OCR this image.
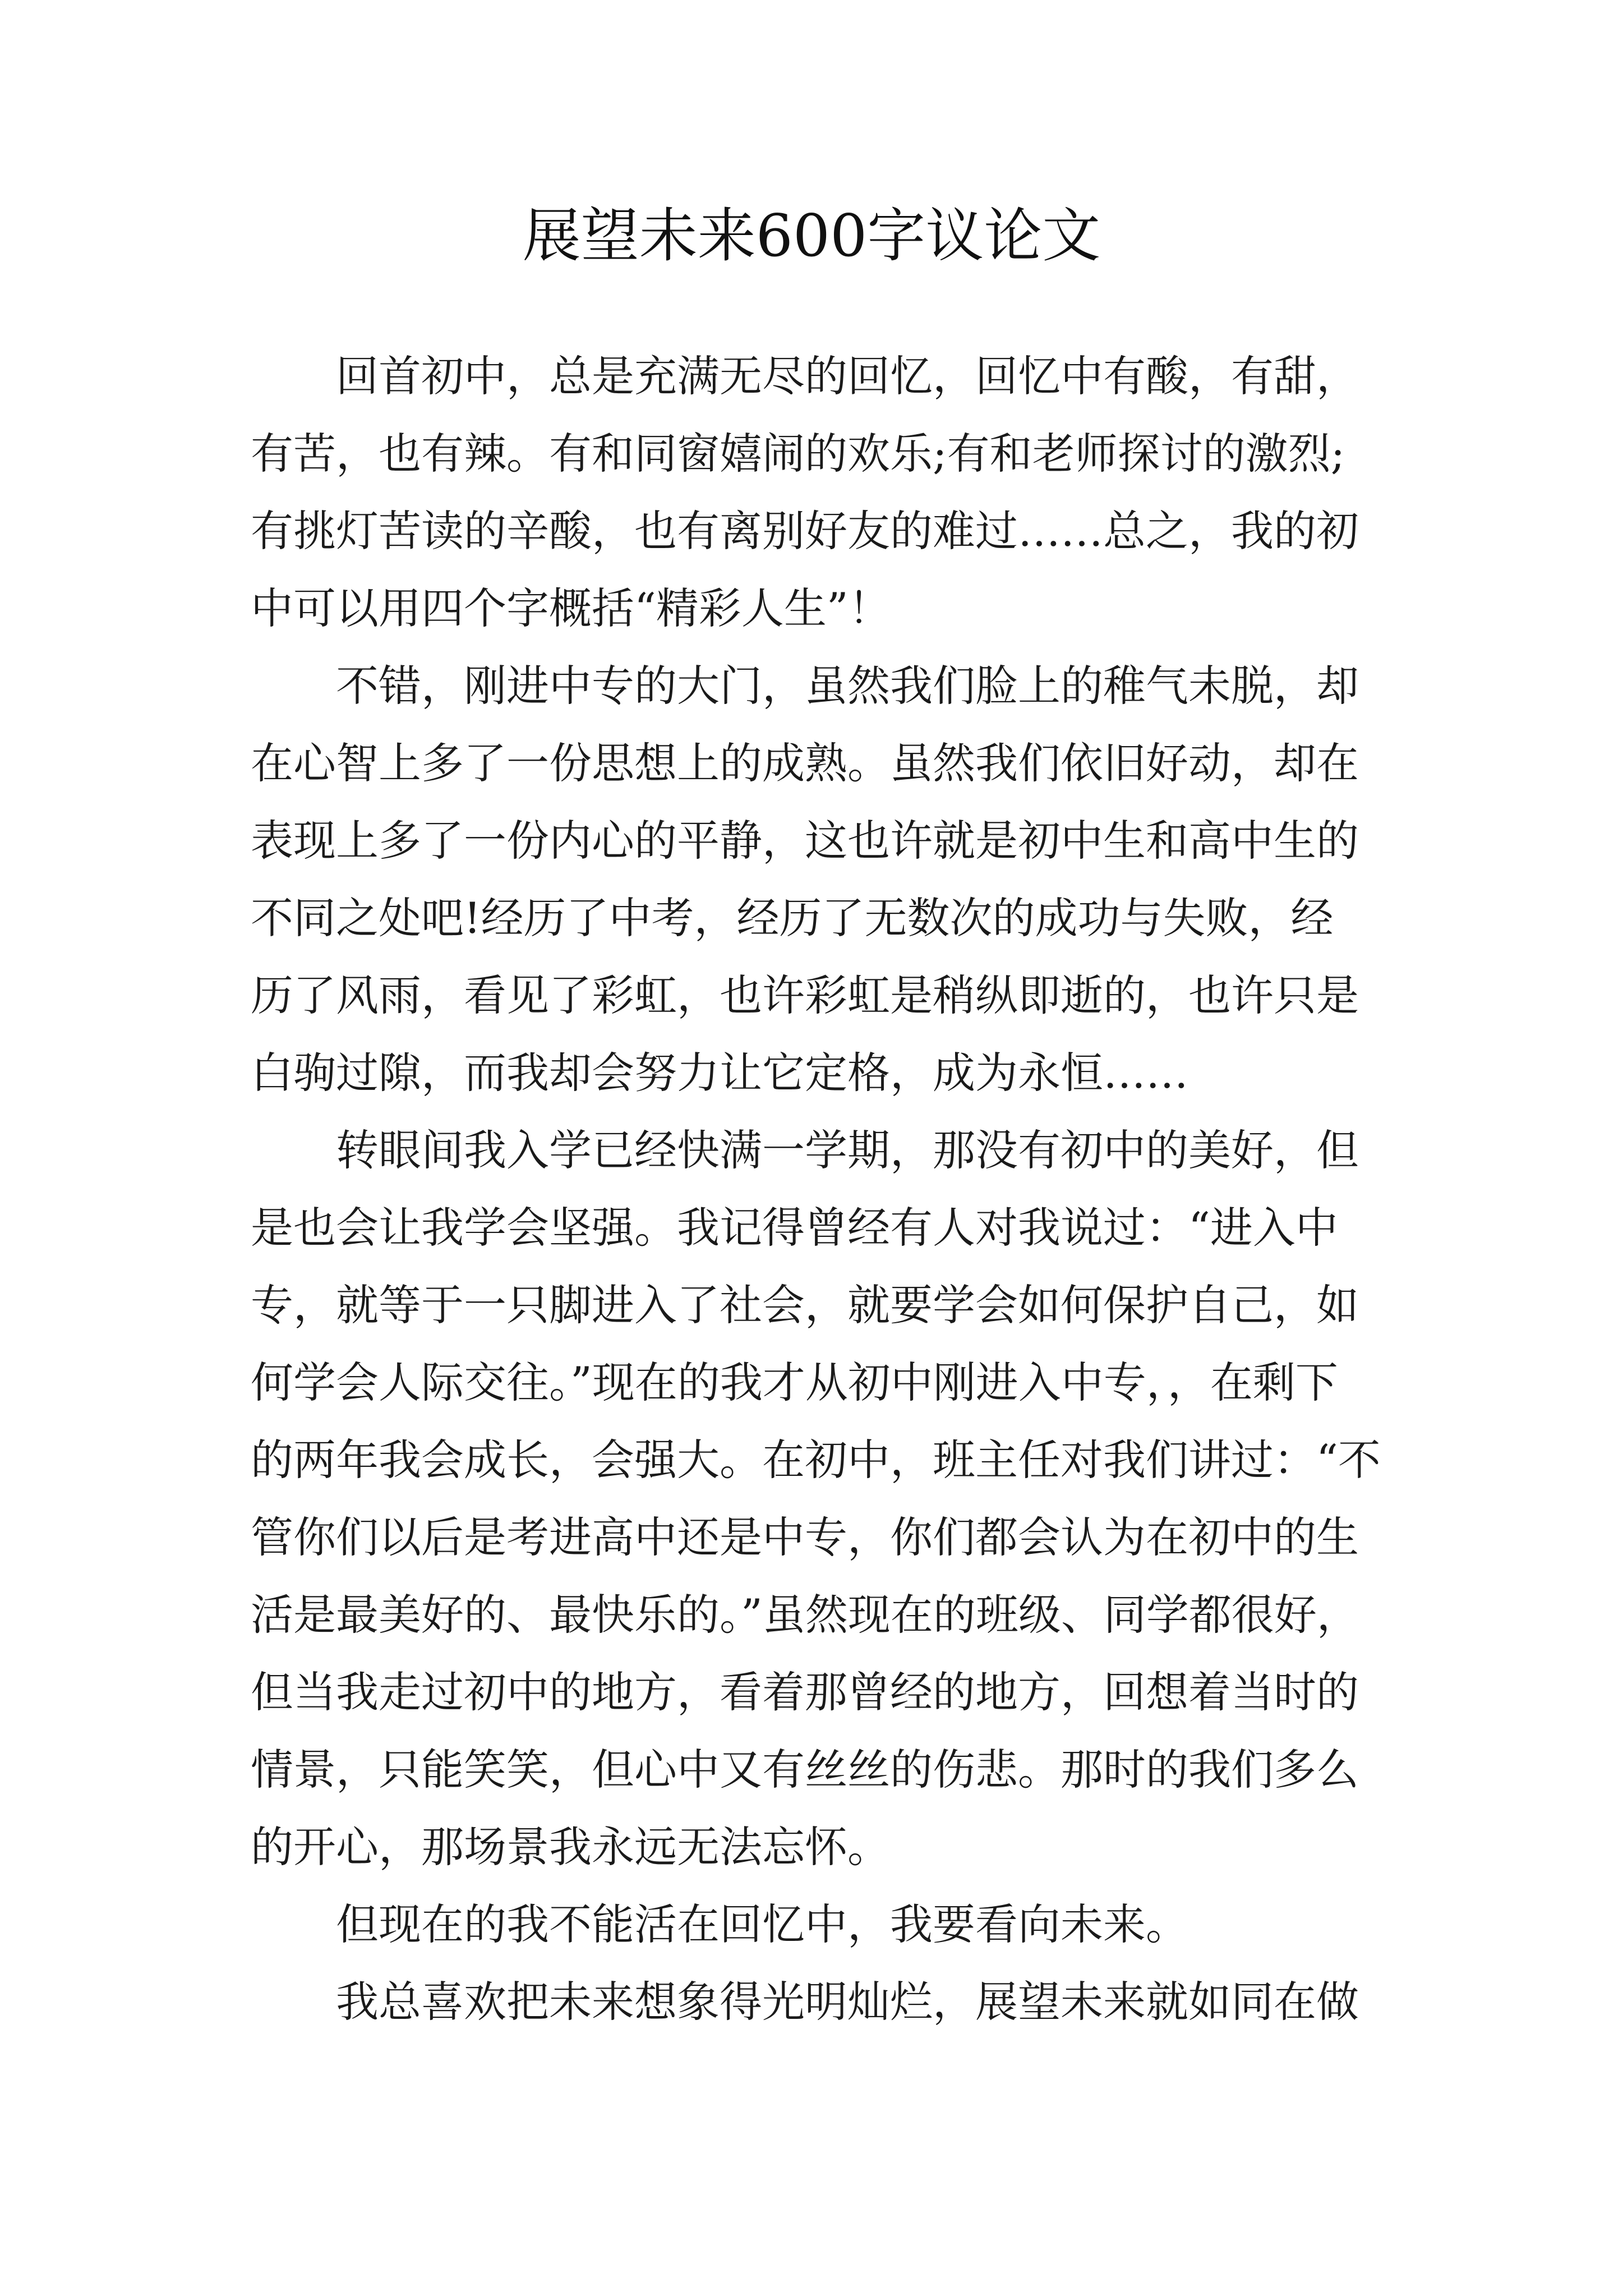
展望未来600字议论文
回首初中，总是充满无尽的回忆，回忆中有酸，有甜，
有苦，也有辣。有和同窗嬉闹的欢乐;有和老师探讨的激烈;
有挑灯苦读的辛酸，也有离别好友的难过……总之，我的初
中可以用四个字概括“精彩人生”！
不错，刚进中专的大门，虽然我们脸上的稚气未脱，却
在心智上多了一份思想上的成熟。虽然我们依旧好动，却在
表现上多了一份内心的平静，这也许就是初中生和高中生的
不同之处吧!经历了中考，经历了无数次的成功与失败，经
历了风雨，看见了彩虹，也许彩虹是稍纵即逝的，也许只是
白驹过隙，而我却会努力让它定格，成为永恒……
转眼间我入学已经快满一学期，那没有初中的美好，但
是也会让我学会坚强。我记得曾经有人对我说过：“进入中
专，就等于一只脚进入了社会，就要学会如何保护自己，如
何学会人际交往。”现在的我才从初中刚进入中专，，在剩下
的两年我会成长，会强大。在初中，班主任对我们讲过：“不
管你们以后是考进高中还是中专，你们都会认为在初中的生
活是最美好的、最快乐的。”虽然现在的班级、同学都很好，
但当我走过初中的地方，看着那曾经的地方，回想着当时的
情景，只能笑笑，但心中又有丝丝的伤悲。那时的我们多么
的开心，那场景我永远无法忘怀。
但现在的我不能活在回忆中，我要看向未来。
我总喜欢把未来想象得光明灿烂，展望未来就如同在做
